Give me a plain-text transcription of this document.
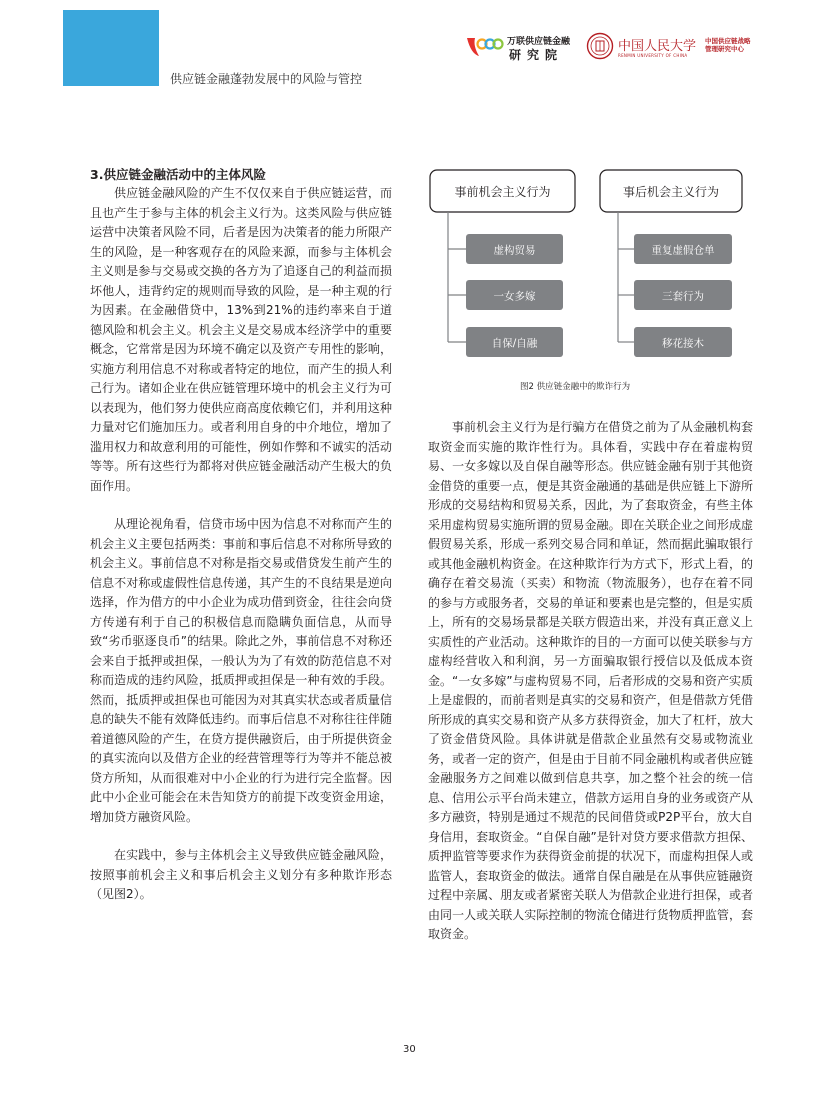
供应链金融蓬勃发展中的风险与管控
万联供应链金融
研究院
中国人民大学
RENMIN UNIVERSITY OF CHINA
中国供应链战略
管理研究中心

3.供应链金融活动中的主体风险

供应链金融风险的产生不仅仅来自于供应链运营，而且也产生于参与主体的机会主义行为。这类风险与供应链运营中决策者风险不同，后者是因为决策者的能力所限产生的风险，是一种客观存在的风险来源，而参与主体机会主义则是参与交易或交换的各方为了追逐自己的利益而损坏他人，违背约定的规则而导致的风险，是一种主观的行为因素。在金融借贷中，13%到21%的违约率来自于道德风险和机会主义。机会主义是交易成本经济学中的重要概念，它常常是因为环境不确定以及资产专用性的影响，实施方利用信息不对称或者特定的地位，而产生的损人利己行为。诸如企业在供应链管理环境中的机会主义行为可以表现为，他们努力使供应商高度依赖它们，并利用这种力量对它们施加压力。或者利用自身的中介地位，增加了滥用权力和故意利用的可能性，例如作弊和不诚实的活动等等。所有这些行为都将对供应链金融活动产生极大的负面作用。

从理论视角看，信贷市场中因为信息不对称而产生的机会主义主要包括两类：事前和事后信息不对称所导致的机会主义。事前信息不对称是指交易或借贷发生前产生的信息不对称或虚假性信息传递，其产生的不良结果是逆向选择，作为借方的中小企业为成功借到资金，往往会向贷方传递有利于自己的积极信息而隐瞒负面信息，从而导致“劣币驱逐良币”的结果。除此之外，事前信息不对称还会来自于抵押或担保，一般认为为了有效的防范信息不对称而造成的违约风险，抵质押或担保是一种有效的手段。然而，抵质押或担保也可能因为对其真实状态或者质量信息的缺失不能有效降低违约。而事后信息不对称往往伴随着道德风险的产生，在贷方提供融资后，由于所提供资金的真实流向以及借方企业的经营管理等行为等并不能总被贷方所知，从而很难对中小企业的行为进行完全监督。因此中小企业可能会在未告知贷方的前提下改变资金用途，增加贷方融资风险。

在实践中，参与主体机会主义导致供应链金融风险，按照事前机会主义和事后机会主义划分有多种欺诈形态（见图2）。

事前机会主义行为
虚构贸易
一女多嫁
自保/自融
事后机会主义行为
重复虚假仓单
三套行为
移花接木
图2 供应链金融中的欺诈行为

事前机会主义行为是行骗方在借贷之前为了从金融机构套取资金而实施的欺诈性行为。具体看，实践中存在着虚构贸易、一女多嫁以及自保自融等形态。供应链金融有别于其他资金借贷的重要一点，便是其资金融通的基础是供应链上下游所形成的交易结构和贸易关系，因此，为了套取资金，有些主体采用虚构贸易实施所谓的贸易金融。即在关联企业之间形成虚假贸易关系，形成一系列交易合同和单证，然而据此骗取银行或其他金融机构资金。在这种欺诈行为方式下，形式上看，的确存在着交易流（买卖）和物流（物流服务），也存在着不同的参与方或服务者，交易的单证和要素也是完整的，但是实质上，所有的交易场景都是关联方假造出来，并没有真正意义上实质性的产业活动。这种欺诈的目的一方面可以使关联参与方虚构经营收入和利润，另一方面骗取银行授信以及低成本资金。“一女多嫁”与虚构贸易不同，后者形成的交易和资产实质上是虚假的，而前者则是真实的交易和资产，但是借款方凭借所形成的真实交易和资产从多方获得资金，加大了杠杆，放大了资金借贷风险。具体讲就是借款企业虽然有交易或物流业务，或者一定的资产，但是由于目前不同金融机构或者供应链金融服务方之间难以做到信息共享，加之整个社会的统一信息、信用公示平台尚未建立，借款方运用自身的业务或资产从多方融资，特别是通过不规范的民间借贷或P2P平台，放大自身信用，套取资金。“自保自融”是针对贷方要求借款方担保、质押监管等要求作为获得资金前提的状况下，而虚构担保人或监管人，套取资金的做法。通常自保自融是在从事供应链融资过程中亲属、朋友或者紧密关联人为借款企业进行担保，或者由同一人或关联人实际控制的物流仓储进行货物质押监管，套取资金。

30
